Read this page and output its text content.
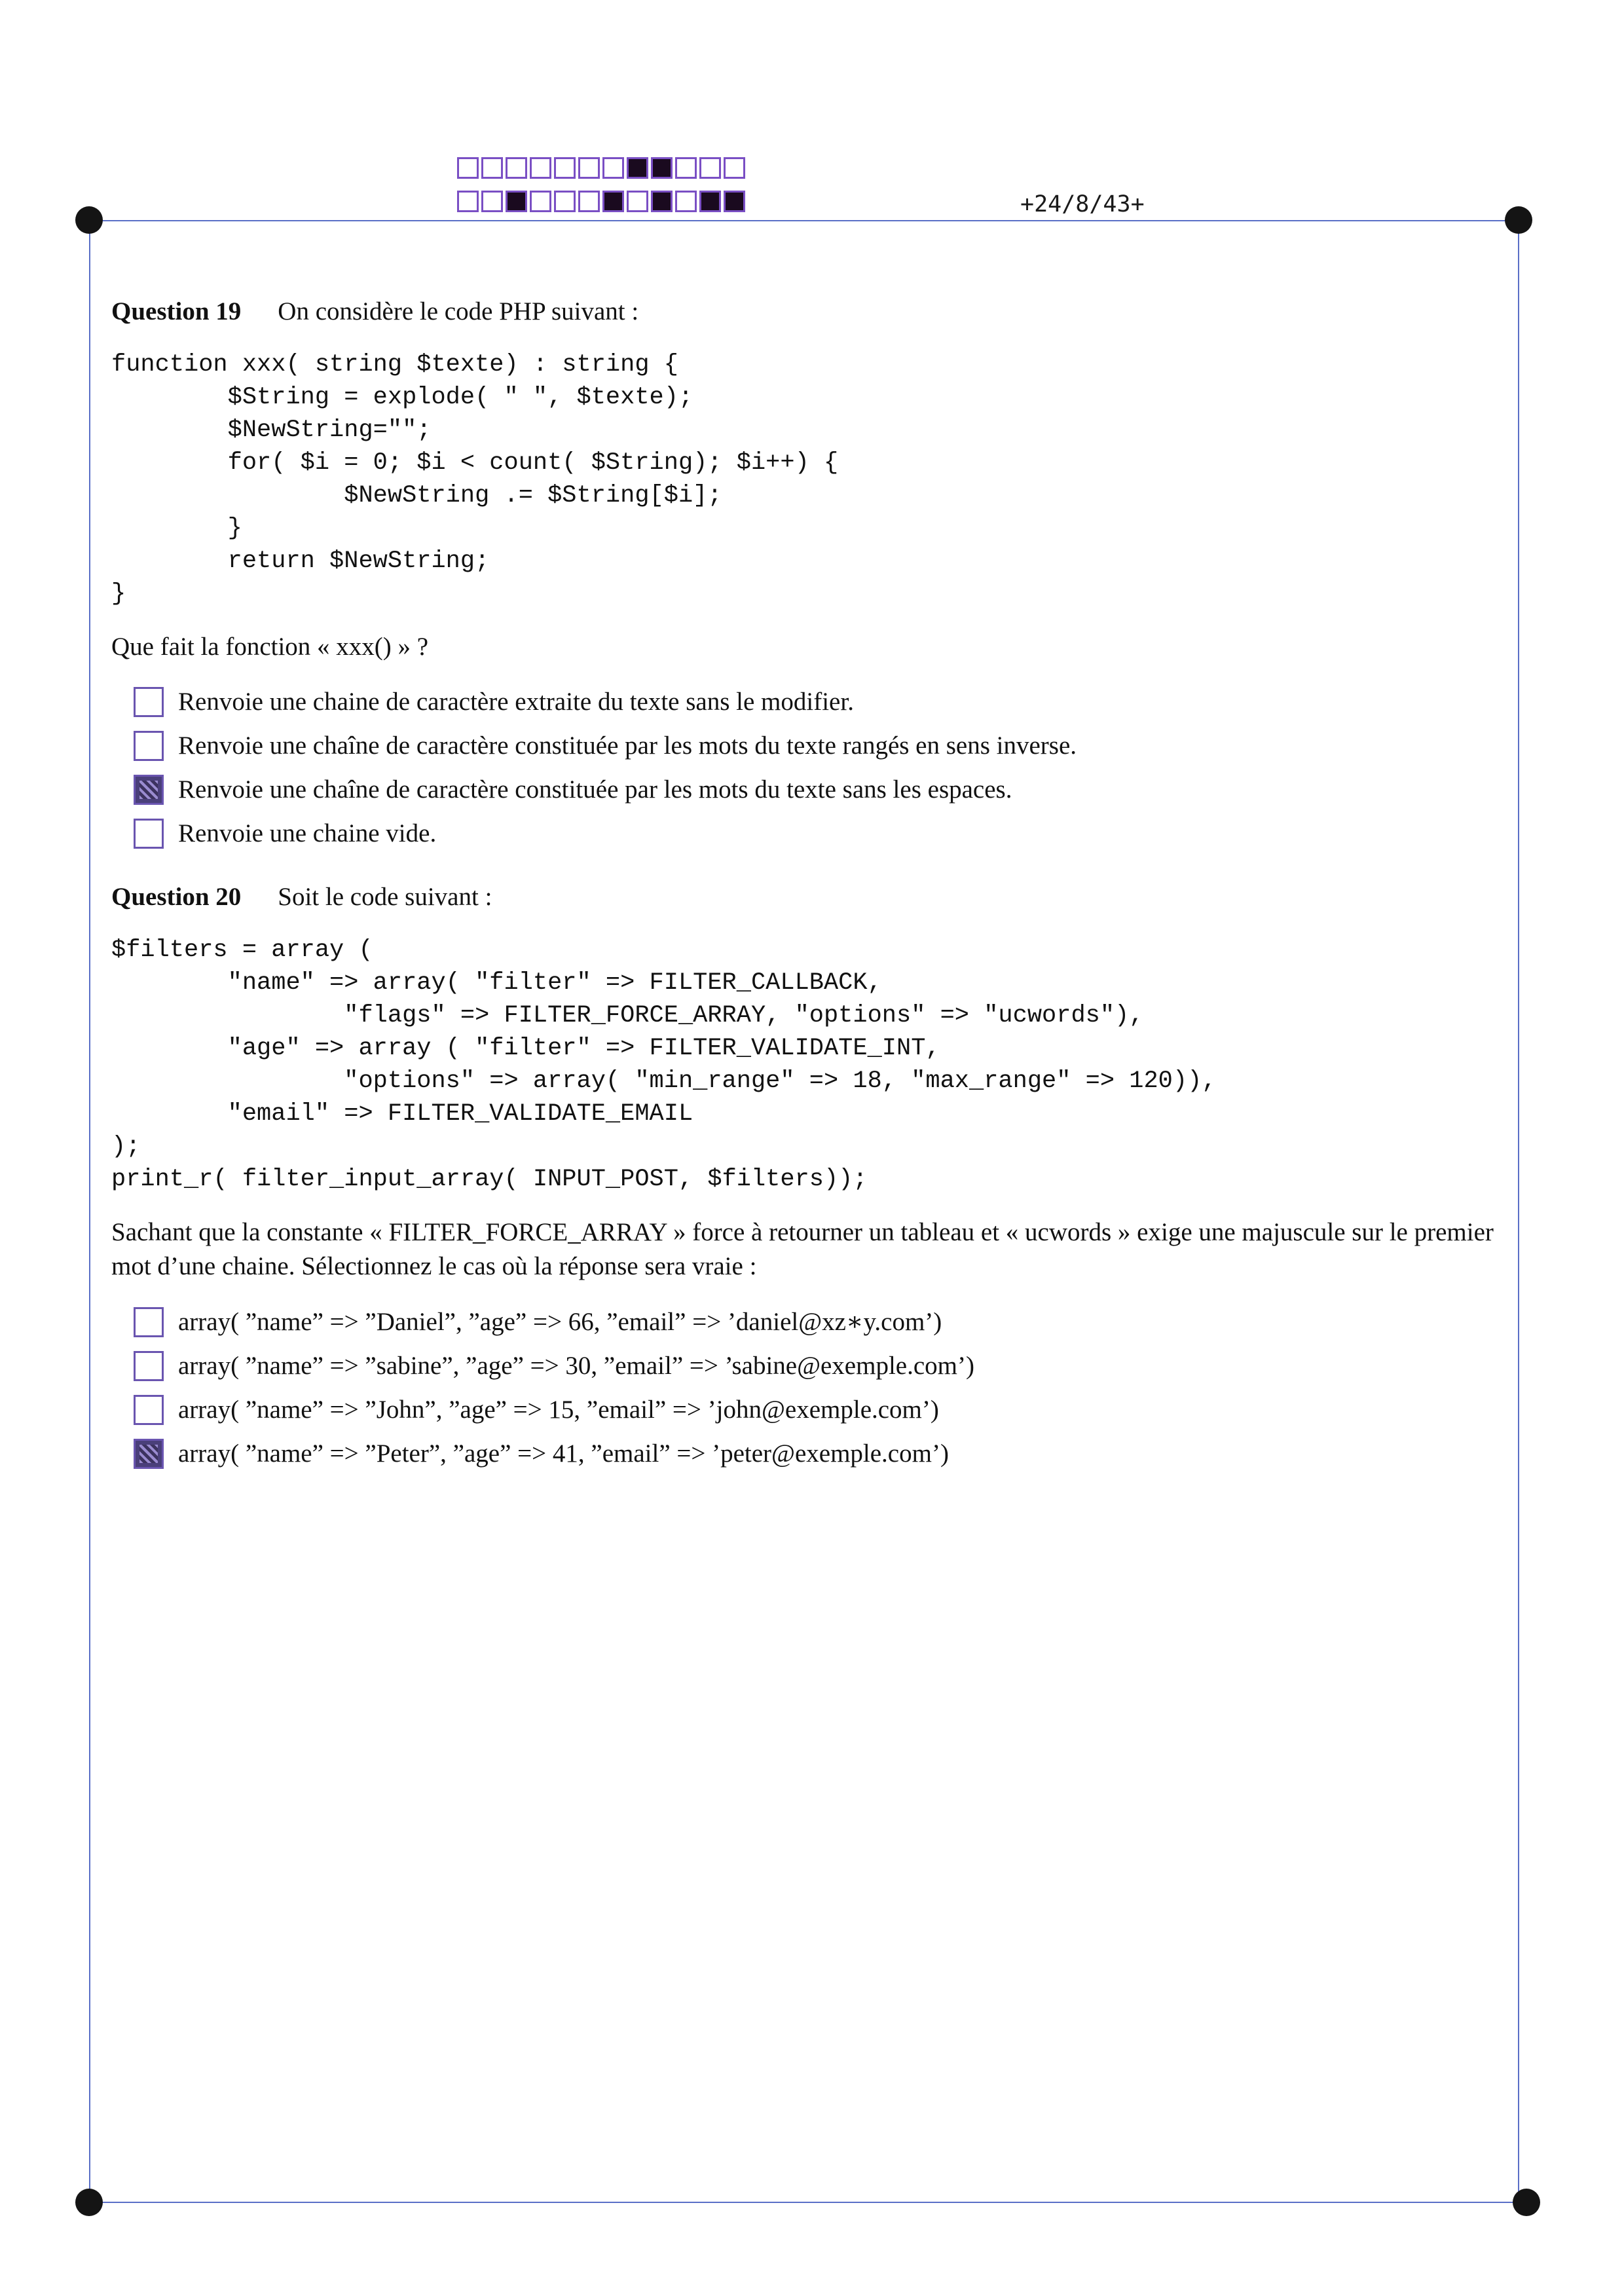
+24/8/43+
Question 19 On considère le code PHP suivant :
function xxx( string $texte) : string {
$String = explode( " ", $texte);
$NewString="";
for( $i = 0; $i < count( $String); $i++) {
$NewString .= $String[$i];
}
return $NewString;
}

Que fait la fonction « xxx() » ?

Renvoie une chaine de caractère extraite du texte sans le modifier.
Renvoie une chaîne de caractère constituée par les mots du texte rangés en sens inverse.
Renvoie une chaîne de caractère constituée par les mots du texte sans les espaces.
Renvoie une chaine vide.
Question 20 Soit le code suivant :
$filters = array (
"name" => array( "filter" => FILTER_CALLBACK,
"flags" => FILTER_FORCE_ARRAY, "options" => "ucwords"),
"age" => array ( "filter" => FILTER_VALIDATE_INT,
"options" => array( "min_range" => 18, "max_range" => 120)),
"email" => FILTER_VALIDATE_EMAIL
);
print_r( filter_input_array( INPUT_POST, $filters));

Sachant que la constante « FILTER_FORCE_ARRAY » force à retourner un tableau et « ucwords » exige une majuscule sur le premier mot d’une chaine. Sélectionnez le cas où la réponse sera vraie :

array( ”name” => ”Daniel”, ”age” => 66, ”email” => ’daniel@xz∗y.com’)
array( ”name” => ”sabine”, ”age” => 30, ”email” => ’sabine@exemple.com’)
array( ”name” => ”John”, ”age” => 15, ”email” => ’john@exemple.com’)
array( ”name” => ”Peter”, ”age” => 41, ”email” => ’peter@exemple.com’)
